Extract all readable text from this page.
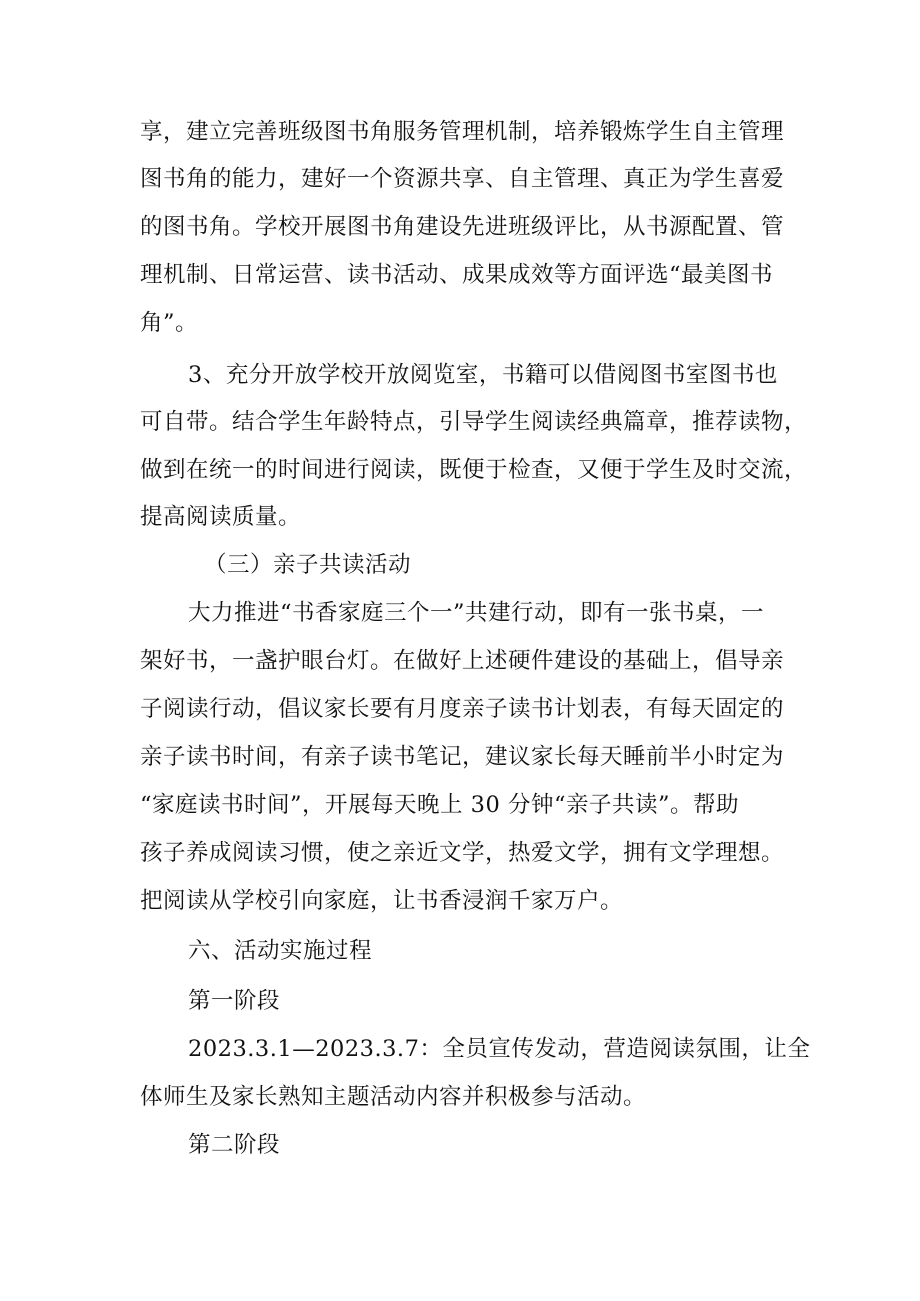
享，建立完善班级图书角服务管理机制，培养锻炼学生自主管理
图书角的能力，建好一个资源共享、自主管理、真正为学生喜爱
的图书角。学校开展图书角建设先进班级评比，从书源配置、管
理机制、日常运营、读书活动、成果成效等方面评选“最美图书
角”。
3、充分开放学校开放阅览室，书籍可以借阅图书室图书也
可自带。结合学生年龄特点，引导学生阅读经典篇章，推荐读物，
做到在统一的时间进行阅读，既便于检查，又便于学生及时交流，
提高阅读质量。
（三）亲子共读活动
大力推进“书香家庭三个一”共建行动，即有一张书桌，一
架好书，一盏护眼台灯。在做好上述硬件建设的基础上，倡导亲
子阅读行动，倡议家长要有月度亲子读书计划表，有每天固定的
亲子读书时间，有亲子读书笔记，建议家长每天睡前半小时定为
“家庭读书时间”，开展每天晚上 30 分钟“亲子共读”。帮助
孩子养成阅读习惯，使之亲近文学，热爱文学，拥有文学理想。
把阅读从学校引向家庭，让书香浸润千家万户。
六、活动实施过程
第一阶段
2023.3.1—2023.3.7：全员宣传发动，营造阅读氛围，让全
体师生及家长熟知主题活动内容并积极参与活动。
第二阶段
